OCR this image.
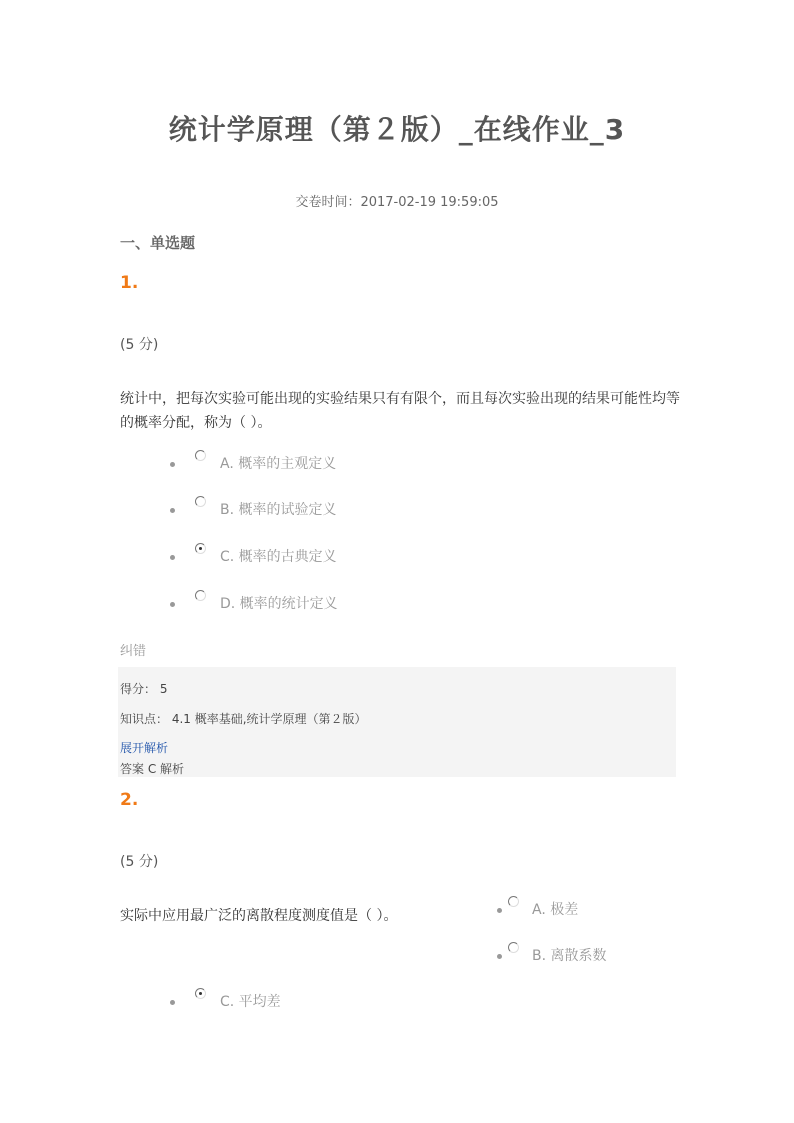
统计学原理（第２版）_在线作业_3
交卷时间：2017-02-19 19:59:05
一、单选题
1.
(5 分)
统计中，把每次实验可能出现的实验结果只有有限个，而且每次实验出现的结果可能性均等的概率分配，称为（ ）。
A. 概率的主观定义
B. 概率的试验定义
C. 概率的古典定义
D. 概率的统计定义
纠错
得分： 5
知识点： 4.1 概率基础,统计学原理（第２版）
展开解析
答案 C 解析
2.
(5 分)
实际中应用最广泛的离散程度测度值是（ ）。	A. 极差
B. 离散系数
C. 平均差
